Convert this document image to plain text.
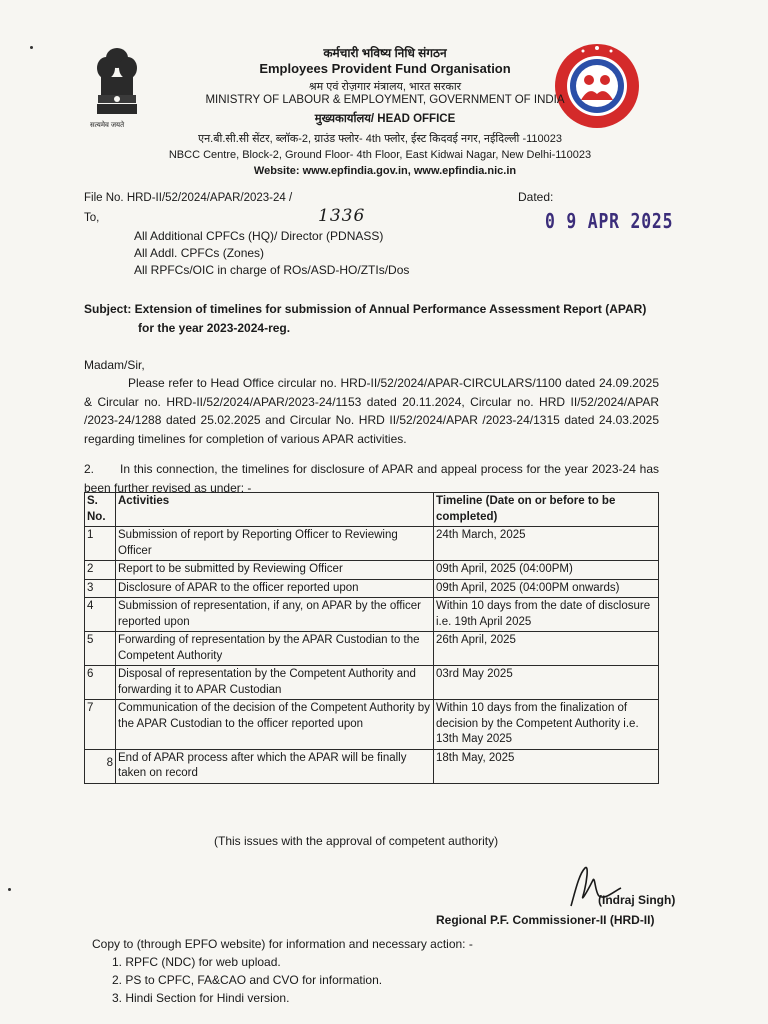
सत्यमेव जयते
कर्मचारी भविष्य निधि संगठन
Employees Provident Fund Organisation
श्रम एवं रोज़गार मंत्रालय, भारत सरकार
MINISTRY OF LABOUR & EMPLOYMENT, GOVERNMENT OF INDIA
मुख्यकार्यालय/ HEAD OFFICE
एन.बी.सी.सी सेंटर, ब्लॉक-2, ग्राउंड फ्लोर- 4th फ्लोर, ईस्ट किदवई नगर, नईदिल्ली -110023
NBCC Centre, Block-2, Ground Floor- 4th Floor, East Kidwai Nagar, New Delhi-110023
Website: www.epfindia.gov.in, www.epfindia.nic.in
File No. HRD-II/52/2024/APAR/2023-24 /
1336
To,
Dated:
0 9 APR 2025
All Additional CPFCs (HQ)/ Director (PDNASS)
All Addl. CPFCs (Zones)
All RPFCs/OIC in charge of ROs/ASD-HO/ZTIs/Dos
Subject: Extension of timelines for submission of Annual Performance Assessment Report (APAR)
for the year 2023-2024-reg.
Madam/Sir,
Please refer to Head Office circular no. HRD-II/52/2024/APAR-CIRCULARS/1100 dated 24.09.2025 & Circular no. HRD-II/52/2024/APAR/2023-24/1153 dated 20.11.2024, Circular no. HRD II/52/2024/APAR /2023-24/1288 dated 25.02.2025 and Circular No. HRD II/52/2024/APAR /2023-24/1315 dated 24.03.2025 regarding timelines for completion of various APAR activities.
2. In this connection, the timelines for disclosure of APAR and appeal process for the year 2023-24 has been further revised as under: -
S. No.	Activities	Timeline (Date on or before to be completed)
1	Submission of report by Reporting Officer to Reviewing Officer	24th March, 2025
2	Report to be submitted by Reviewing Officer	09th April, 2025 (04:00PM)
3	Disclosure of APAR to the officer reported upon	09th April, 2025 (04:00PM onwards)
4	Submission of representation, if any, on APAR by the officer reported upon	Within 10 days from the date of disclosure i.e. 19th April 2025
5	Forwarding of representation by the APAR Custodian to the Competent Authority	26th April, 2025
6	Disposal of representation by the Competent Authority and forwarding it to APAR Custodian	03rd May 2025
7	Communication of the decision of the Competent Authority by the APAR Custodian to the officer reported upon	Within 10 days from the finalization of decision by the Competent Authority i.e. 13th May 2025
8	End of APAR process after which the APAR will be finally taken on record	18th May, 2025
(This issues with the approval of competent authority)
(Indraj Singh)
Regional P.F. Commissioner-II (HRD-II)
Copy to (through EPFO website) for information and necessary action: -
1. RPFC (NDC) for web upload.
2. PS to CPFC, FA&CAO and CVO for information.
3. Hindi Section for Hindi version.
